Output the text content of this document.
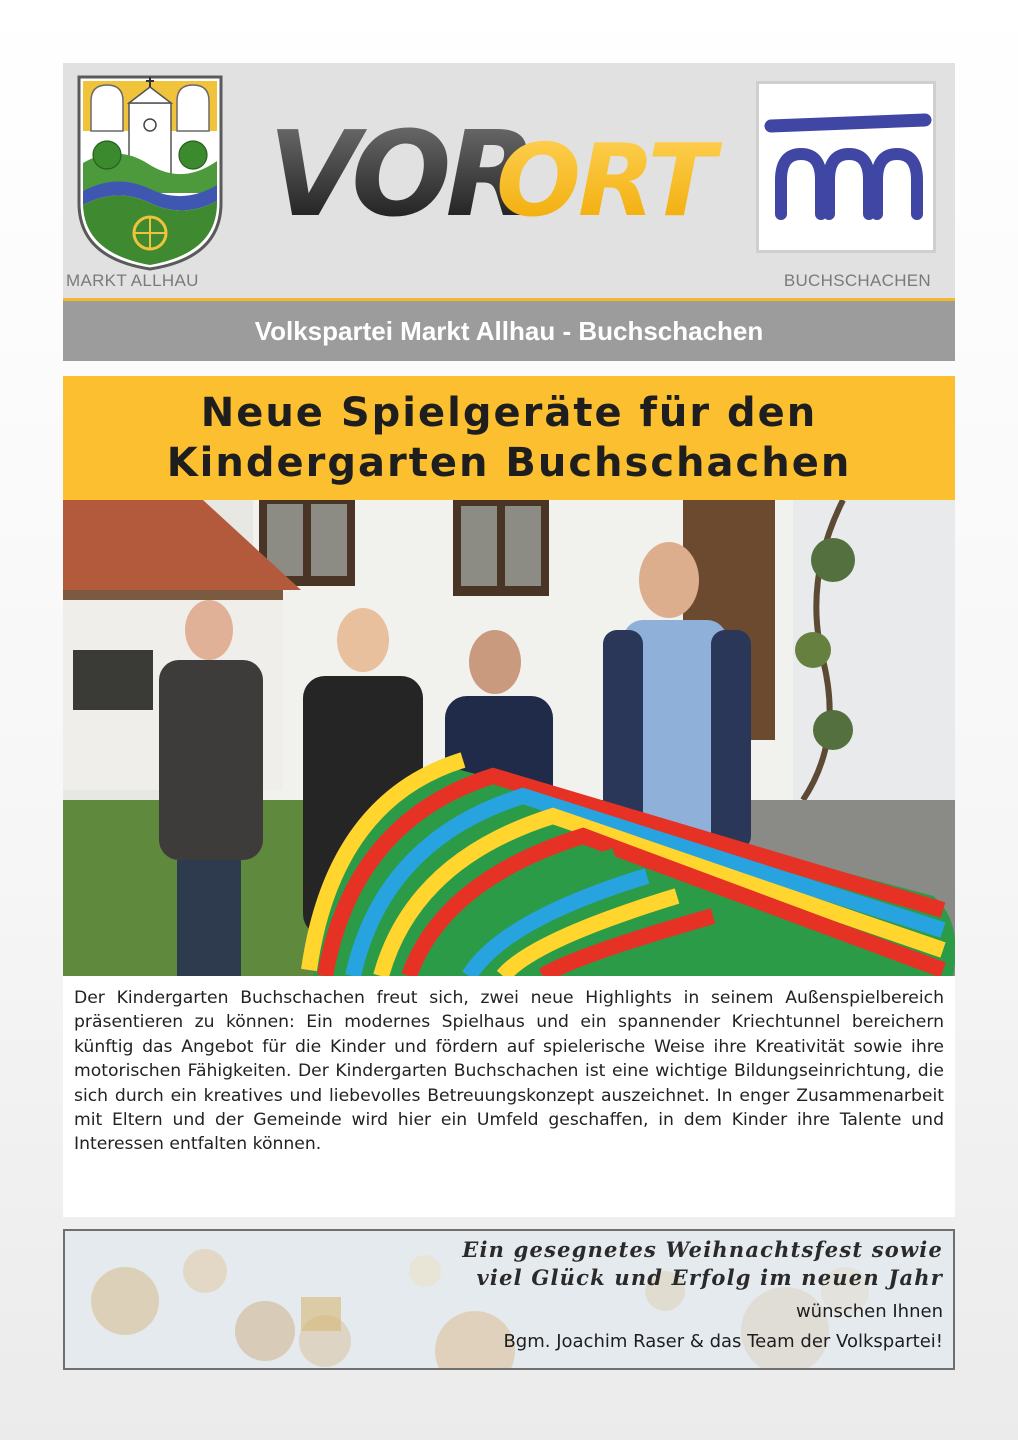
MARKT ALLHAU
VOR
ORT
BUCHSCHACHEN
Volkspartei Markt Allhau - Buchschachen
Neue Spielgeräte für den
Kindergarten Buchschachen
Der Kindergarten Buchschachen freut sich, zwei neue Highlights in seinem Außenspielbereich präsentieren zu können: Ein modernes Spielhaus und ein spannender Kriechtunnel bereichern künftig das Angebot für die Kinder und fördern auf spielerische Weise ihre Kreativität sowie ihre motorischen Fähigkeiten. Der Kindergarten Buchschachen ist eine wichtige Bildungseinrichtung, die sich durch ein kreatives und liebevolles Betreuungskonzept auszeichnet. In enger Zusammenarbeit mit Eltern und der Gemeinde wird hier ein Umfeld geschaffen, in dem Kinder ihre Talente und Interessen entfalten können.
Ein gesegnetes Weihnachtsfest sowie
viel Glück und Erfolg im neuen Jahr
wünschen Ihnen
Bgm. Joachim Raser & das Team der Volkspartei!
